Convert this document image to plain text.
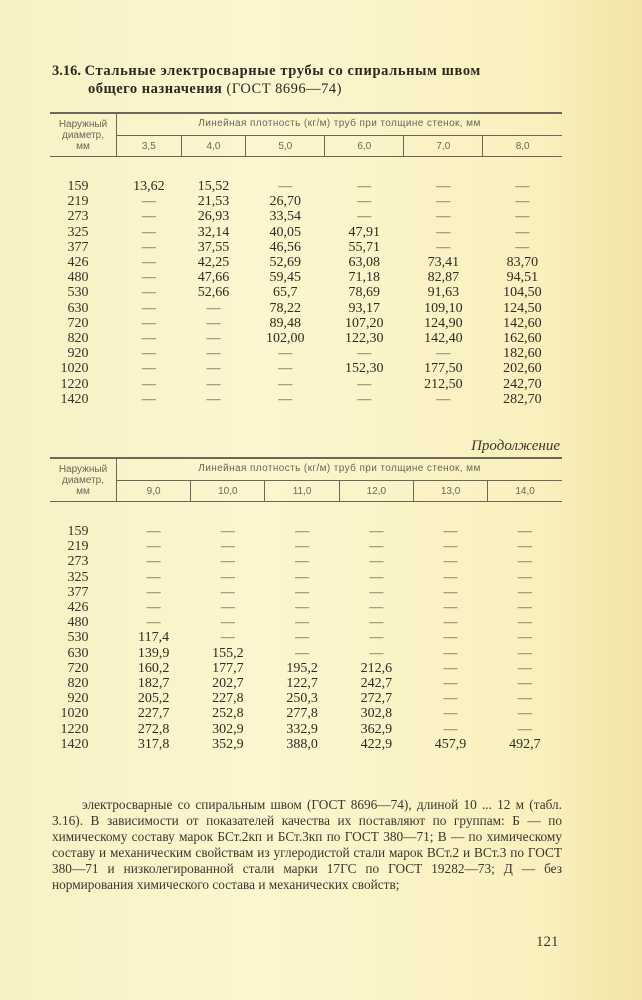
3.16. Стальные электросварные трубы со спиральным швом
общего назначения (ГОСТ 8696—74)
Наружный
диаметр,
мм	Линейная плотность (кг/м) труб при толщине стенок, мм					
	3,5	4,0	5,0	6,0	7,0	8,0

159	13,62	15,52	—	—	—	—
219	—	21,53	26,70	—	—	—
273	—	26,93	33,54	—	—	—
325	—	32,14	40,05	47,91	—	—
377	—	37,55	46,56	55,71	—	—
426	—	42,25	52,69	63,08	73,41	83,70
480	—	47,66	59,45	71,18	82,87	94,51
530	—	52,66	65,7	78,69	91,63	104,50
630	—	—	78,22	93,17	109,10	124,50
720	—	—	89,48	107,20	124,90	142,60
820	—	—	102,00	122,30	142,40	162,60
920	—	—	—	—	—	182,60
1020	—	—	—	152,30	177,50	202,60
1220	—	—	—	—	212,50	242,70
1420	—	—	—	—	—	282,70
Продолжение
Наружный
диаметр,
мм	Линейная плотность (кг/м) труб при толщине стенок, мм					
	9,0	10,0	11,0	12,0	13,0	14,0

159	—	—	—	—	—	—
219	—	—	—	—	—	—
273	—	—	—	—	—	—
325	—	—	—	—	—	—
377	—	—	—	—	—	—
426	—	—	—	—	—	—
480	—	—	—	—	—	—
530	117,4	—	—	—	—	—
630	139,9	155,2	—	—	—	—
720	160,2	177,7	195,2	212,6	—	—
820	182,7	202,7	122,7	242,7	—	—
920	205,2	227,8	250,3	272,7	—	—
1020	227,7	252,8	277,8	302,8	—	—
1220	272,8	302,9	332,9	362,9	—	—
1420	317,8	352,9	388,0	422,9	457,9	492,7

электросварные со спиральным швом (ГОСТ 8696—74), длиной 10 ... 12 м (табл. 3.16). В зависимости от показателей качества их поставляют по группам: Б — по химическому составу марок БСт.2кп и БСт.3кп по ГОСТ 380—71; В — по химическому составу и механическим свойствам из углеродистой стали марок ВСт.2 и ВСт.3 по ГОСТ 380—71 и низколегированной стали марки 17ГС по ГОСТ 19282—73; Д — без нормирования химического состава и механических свойств;

121
